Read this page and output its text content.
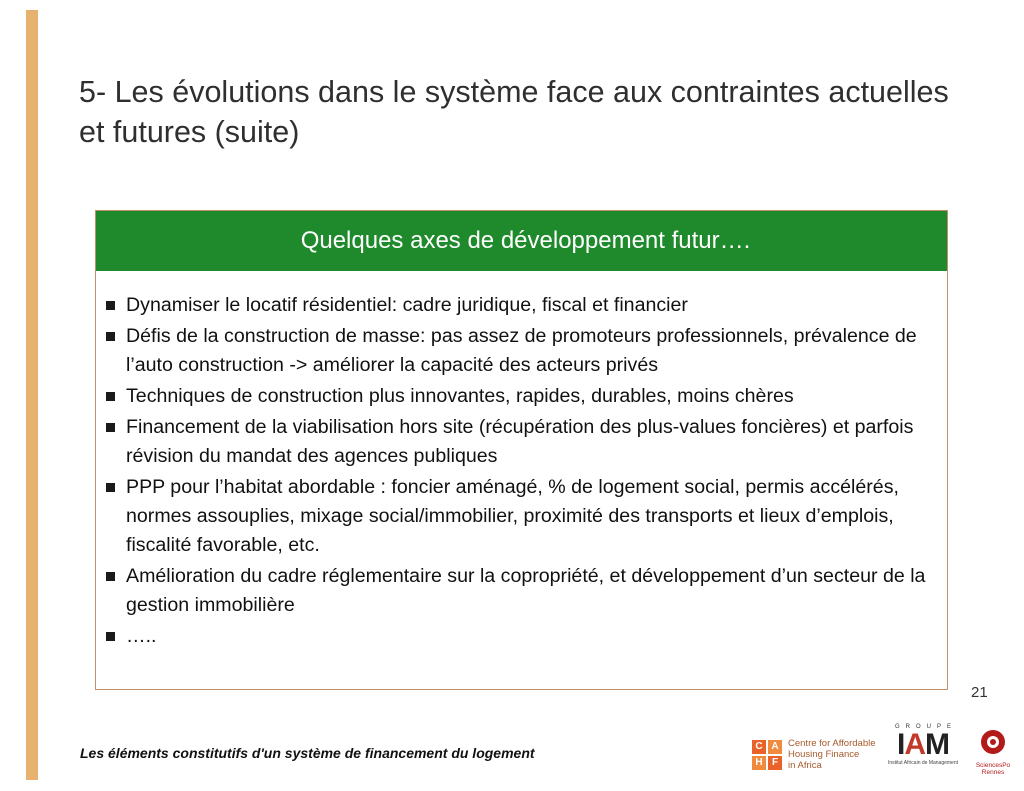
5- Les évolutions dans le système face aux contraintes actuelles et futures (suite)
Quelques axes de développement futur….
Dynamiser le locatif résidentiel: cadre juridique, fiscal et financier
Défis de la construction de masse: pas assez de promoteurs professionnels, prévalence de l’auto construction -> améliorer la capacité des acteurs privés
Techniques de construction plus innovantes, rapides, durables, moins chères
Financement de la viabilisation hors site (récupération des plus-values foncières) et parfois révision du mandat des agences publiques
PPP pour l’habitat abordable : foncier aménagé, % de logement social, permis accélérés, normes assouplies, mixage social/immobilier, proximité des transports et lieux d’emplois, fiscalité favorable, etc.
Amélioration du cadre réglementaire sur la copropriété, et développement d’un secteur de la gestion immobilière
…..
21
Les éléments constitutifs d'un système de financement du logement	C A
H F
Centre for Affordable
Housing Finance
in Africa
GROUPE
IAM
Institut Africain de Management	SciencesPo
Rennes
